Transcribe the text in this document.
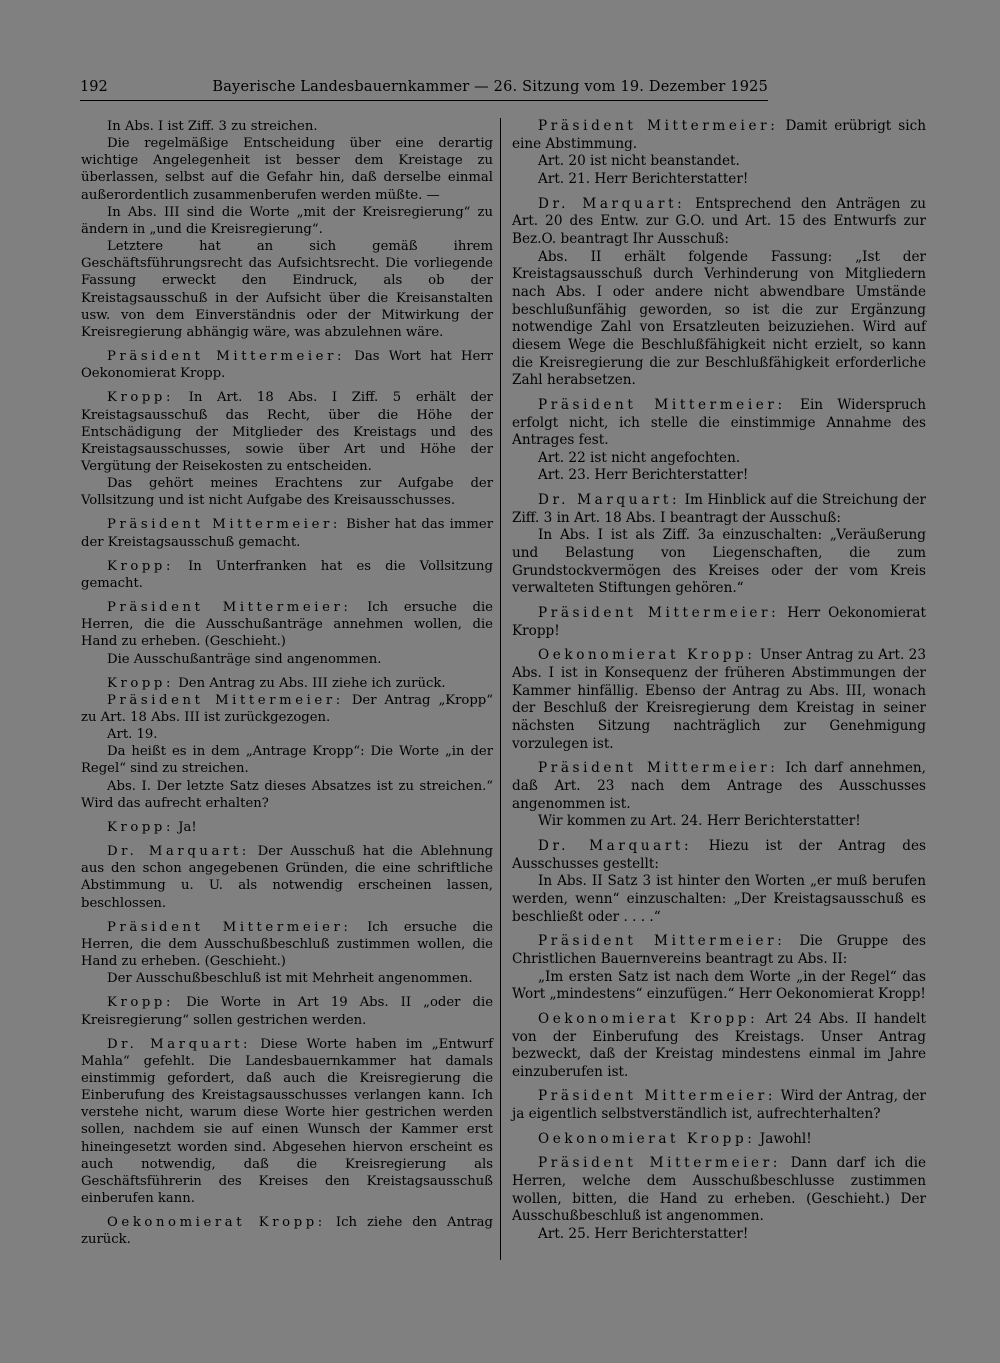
192	Bayerische Landesbauernkammer — 26. Sitzung vom 19. Dezember 1925

In Abs. I ist Ziff. 3 zu streichen.

Die regelmäßige Entscheidung über eine derartig wichtige Angelegenheit ist besser dem Kreistage zu überlassen, selbst auf die Gefahr hin, daß derselbe einmal außerordentlich zusammenberufen werden müßte. —

In Abs. III sind die Worte „mit der Kreisregierung“ zu ändern in „und die Kreisregierung“.

Letztere hat an sich gemäß ihrem Geschäftsführungsrecht das Aufsichtsrecht. Die vorliegende Fassung erweckt den Eindruck, als ob der Kreistagsausschuß in der Aufsicht über die Kreisanstalten usw. von dem Einverständnis oder der Mitwirkung der Kreisregierung abhängig wäre, was abzulehnen wäre.

Präsident Mittermeier: Das Wort hat Herr Oekonomierat Kropp.

Kropp: In Art. 18 Abs. I Ziff. 5 erhält der Kreistagsausschuß das Recht, über die Höhe der Entschädigung der Mitglieder des Kreistags und des Kreistagsausschusses, sowie über Art und Höhe der Vergütung der Reisekosten zu entscheiden.

Das gehört meines Erachtens zur Aufgabe der Vollsitzung und ist nicht Aufgabe des Kreisausschusses.

Präsident Mittermeier: Bisher hat das immer der Kreistagsausschuß gemacht.

Kropp: In Unterfranken hat es die Vollsitzung gemacht.

Präsident Mittermeier: Ich ersuche die Herren, die die Ausschußanträge annehmen wollen, die Hand zu erheben. (Geschieht.)

Die Ausschußanträge sind angenommen.

Kropp: Den Antrag zu Abs. III ziehe ich zurück.

Präsident Mittermeier: Der Antrag „Kropp“ zu Art. 18 Abs. III ist zurückgezogen.

Art. 19.

Da heißt es in dem „Antrage Kropp“: Die Worte „in der Regel“ sind zu streichen.

Abs. I. Der letzte Satz dieses Absatzes ist zu streichen.“ Wird das aufrecht erhalten?

Kropp: Ja!

Dr. Marquart: Der Ausschuß hat die Ablehnung aus den schon angegebenen Gründen, die eine schriftliche Abstimmung u. U. als notwendig erscheinen lassen, beschlossen.

Präsident Mittermeier: Ich ersuche die Herren, die dem Ausschußbeschluß zustimmen wollen, die Hand zu erheben. (Geschieht.)

Der Ausschußbeschluß ist mit Mehrheit angenommen.

Kropp: Die Worte in Art 19 Abs. II „oder die Kreisregierung“ sollen gestrichen werden.

Dr. Marquart: Diese Worte haben im „Entwurf Mahla“ gefehlt. Die Landesbauernkammer hat damals einstimmig gefordert, daß auch die Kreisregierung die Einberufung des Kreistagsausschusses verlangen kann. Ich verstehe nicht, warum diese Worte hier gestrichen werden sollen, nachdem sie auf einen Wunsch der Kammer erst hineingesetzt worden sind. Abgesehen hiervon erscheint es auch notwendig, daß die Kreisregierung als Geschäftsführerin des Kreises den Kreistagsausschuß einberufen kann.

Oekonomierat Kropp: Ich ziehe den Antrag zurück.

Präsident Mittermeier: Damit erübrigt sich eine Abstimmung.

Art. 20 ist nicht beanstandet.

Art. 21. Herr Berichterstatter!

Dr. Marquart: Entsprechend den Anträgen zu Art. 20 des Entw. zur G.O. und Art. 15 des Entwurfs zur Bez.O. beantragt Ihr Ausschuß:

Abs. II erhält folgende Fassung: „Ist der Kreistagsausschuß durch Verhinderung von Mitgliedern nach Abs. I oder andere nicht abwendbare Umstände beschlußunfähig geworden, so ist die zur Ergänzung notwendige Zahl von Ersatzleuten beizuziehen. Wird auf diesem Wege die Beschlußfähigkeit nicht erzielt, so kann die Kreisregierung die zur Beschlußfähigkeit erforderliche Zahl herabsetzen.

Präsident Mittermeier: Ein Widerspruch erfolgt nicht, ich stelle die einstimmige Annahme des Antrages fest.

Art. 22 ist nicht angefochten.

Art. 23. Herr Berichterstatter!

Dr. Marquart: Im Hinblick auf die Streichung der Ziff. 3 in Art. 18 Abs. I beantragt der Ausschuß:

In Abs. I ist als Ziff. 3a einzuschalten: „Veräußerung und Belastung von Liegenschaften, die zum Grundstockvermögen des Kreises oder der vom Kreis verwalteten Stiftungen gehören.“

Präsident Mittermeier: Herr Oekonomierat Kropp!

Oekonomierat Kropp: Unser Antrag zu Art. 23 Abs. I ist in Konsequenz der früheren Abstimmungen der Kammer hinfällig. Ebenso der Antrag zu Abs. III, wonach der Beschluß der Kreisregierung dem Kreistag in seiner nächsten Sitzung nachträglich zur Genehmigung vorzulegen ist.

Präsident Mittermeier: Ich darf annehmen, daß Art. 23 nach dem Antrage des Ausschusses angenommen ist.

Wir kommen zu Art. 24. Herr Berichterstatter!

Dr. Marquart: Hiezu ist der Antrag des Ausschusses gestellt:

In Abs. II Satz 3 ist hinter den Worten „er muß berufen werden, wenn“ einzuschalten: „Der Kreistagsausschuß es beschließt oder . . . .“

Präsident Mittermeier: Die Gruppe des Christlichen Bauernvereins beantragt zu Abs. II:

„Im ersten Satz ist nach dem Worte „in der Regel“ das Wort „mindestens“ einzufügen.“ Herr Oekonomierat Kropp!

Oekonomierat Kropp: Art 24 Abs. II handelt von der Einberufung des Kreistags. Unser Antrag bezweckt, daß der Kreistag mindestens einmal im Jahre einzuberufen ist.

Präsident Mittermeier: Wird der Antrag, der ja eigentlich selbstverständlich ist, aufrechterhalten?

Oekonomierat Kropp: Jawohl!

Präsident Mittermeier: Dann darf ich die Herren, welche dem Ausschußbeschlusse zustimmen wollen, bitten, die Hand zu erheben. (Geschieht.) Der Ausschußbeschluß ist angenommen.

Art. 25. Herr Berichterstatter!
